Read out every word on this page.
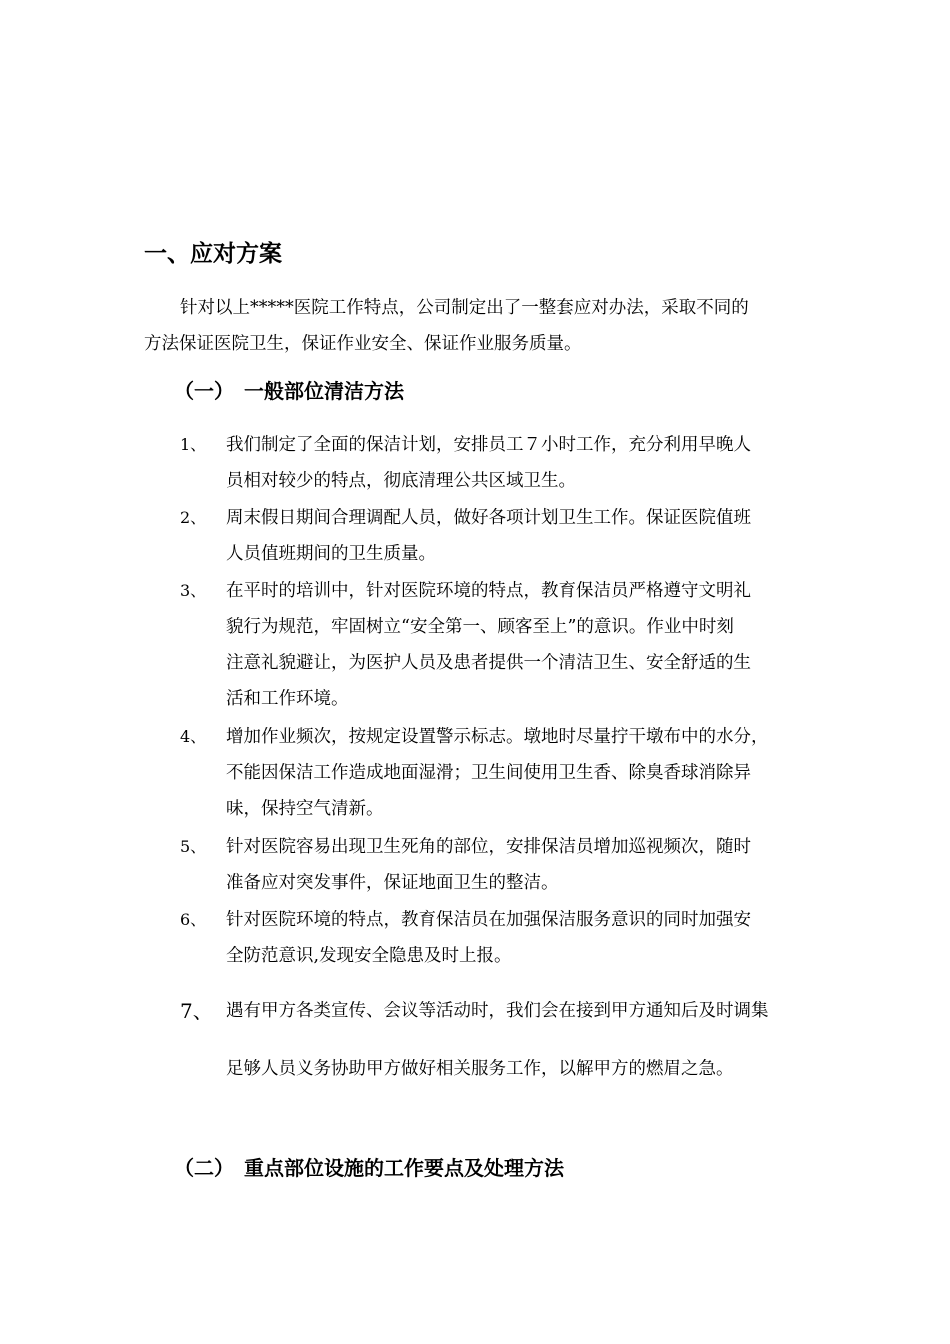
一、应对方案
针对以上*****医院工作特点，公司制定出了一整套应对办法，采取不同的
方法保证医院卫生，保证作业安全、保证作业服务质量。
（一） 一般部位清洁方法
1、 我们制定了全面的保洁计划，安排员工７小时工作，充分利用早晚人
员相对较少的特点，彻底清理公共区域卫生。
2、 周末假日期间合理调配人员，做好各项计划卫生工作。保证医院值班
人员值班期间的卫生质量。
3、 在平时的培训中，针对医院环境的特点，教育保洁员严格遵守文明礼
貌行为规范，牢固树立“安全第一、顾客至上”的意识。作业中时刻
注意礼貌避让，为医护人员及患者提供一个清洁卫生、安全舒适的生
活和工作环境。
4、 增加作业频次，按规定设置警示标志。墩地时尽量拧干墩布中的水分，
不能因保洁工作造成地面湿滑；卫生间使用卫生香、除臭香球消除异
味，保持空气清新。
5、 针对医院容易出现卫生死角的部位，安排保洁员增加巡视频次，随时
准备应对突发事件，保证地面卫生的整洁。
6、 针对医院环境的特点，教育保洁员在加强保洁服务意识的同时加强安
全防范意识,发现安全隐患及时上报。
7、 遇有甲方各类宣传、会议等活动时，我们会在接到甲方通知后及时调集
足够人员义务协助甲方做好相关服务工作，以解甲方的燃眉之急。
（二） 重点部位设施的工作要点及处理方法
